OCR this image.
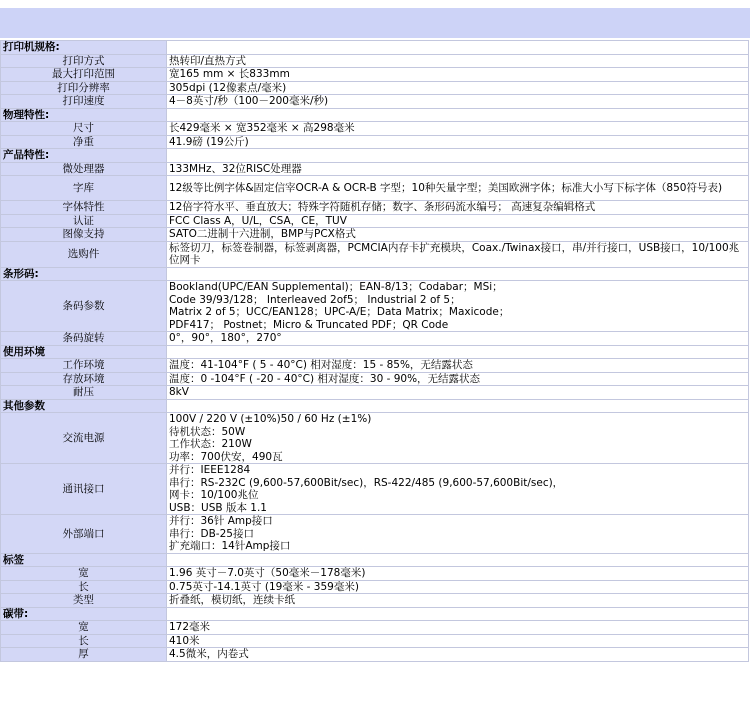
打印机规格:	
打印方式	热转印/直热方式

最大打印范围	宽165 mm × 长833mm

打印分辨率	305dpi (12像素点/毫米)

打印速度	4－8英寸/秒（100－200毫米/秒)

物理特性:	
尺寸	长429毫米 × 宽352毫米 × 高298毫米

净重	41.9磅 (19公斤)

产品特性:	
微处理器	133MHz、32位RISC处理器

字库	12级等比例字体&固定信宰OCR-A & OCR-B 字型；10种矢量字型；美国欧洲字体；标准大小写下标字体（850符号表)

字体特性	12倍字符水平、垂直放大；特殊字符随机存储；数字、条形码流水编号； 高速复杂编辑格式

认证	FCC Class A，U/L，CSA，CE，TUV

图像支持	SATO二进制十六进制，BMP与PCX格式

选购件	标签切刀，标签卷制器，标签剥离器，PCMCIA内存卡扩充模块，Coax./Twinax接口，串/并行接口，USB接口，10/100兆位网卡

条形码:	
条码参数	Bookland(UPC/EAN Supplemental)；EAN-8/13；Codabar；MSi；
Code 39/93/128； Interleaved 2of5； Industrial 2 of 5；
Matrix 2 of 5；UCC/EAN128；UPC-A/E；Data Matrix；Maxicode；
PDF417； Postnet；Micro & Truncated PDF；QR Code

条码旋转	0°，90°，180°，270°

使用环境	
工作环境	温度：41-104°F ( 5 - 40°C) 相对湿度：15 - 85%，无结露状态

存放环境	温度：0 -104°F ( -20 - 40°C) 相对湿度：30 - 90%，无结露状态

耐压	8kV

其他参数	
交流电源	100V / 220 V (±10%)50 / 60 Hz (±1%)
待机状态：50W
工作状态：210W
功率：700伏安，490瓦

通讯接口	并行：IEEE1284
串行：RS-232C (9,600-57,600Bit/sec)，RS-422/485 (9,600-57,600Bit/sec)，
网卡：10/100兆位
USB：USB 版本 1.1

外部端口	并行：36针 Amp接口
串行：DB-25接口
扩充端口：14针Amp接口

标签	
宽	1.96 英寸－7.0英寸（50毫米－178毫米)

长	0.75英寸-14.1英寸 (19毫米 - 359毫米)

类型	折叠纸，模切纸，连续卡纸

碳带:	
宽	172毫米

长	410米

厚	4.5微米，内卷式
